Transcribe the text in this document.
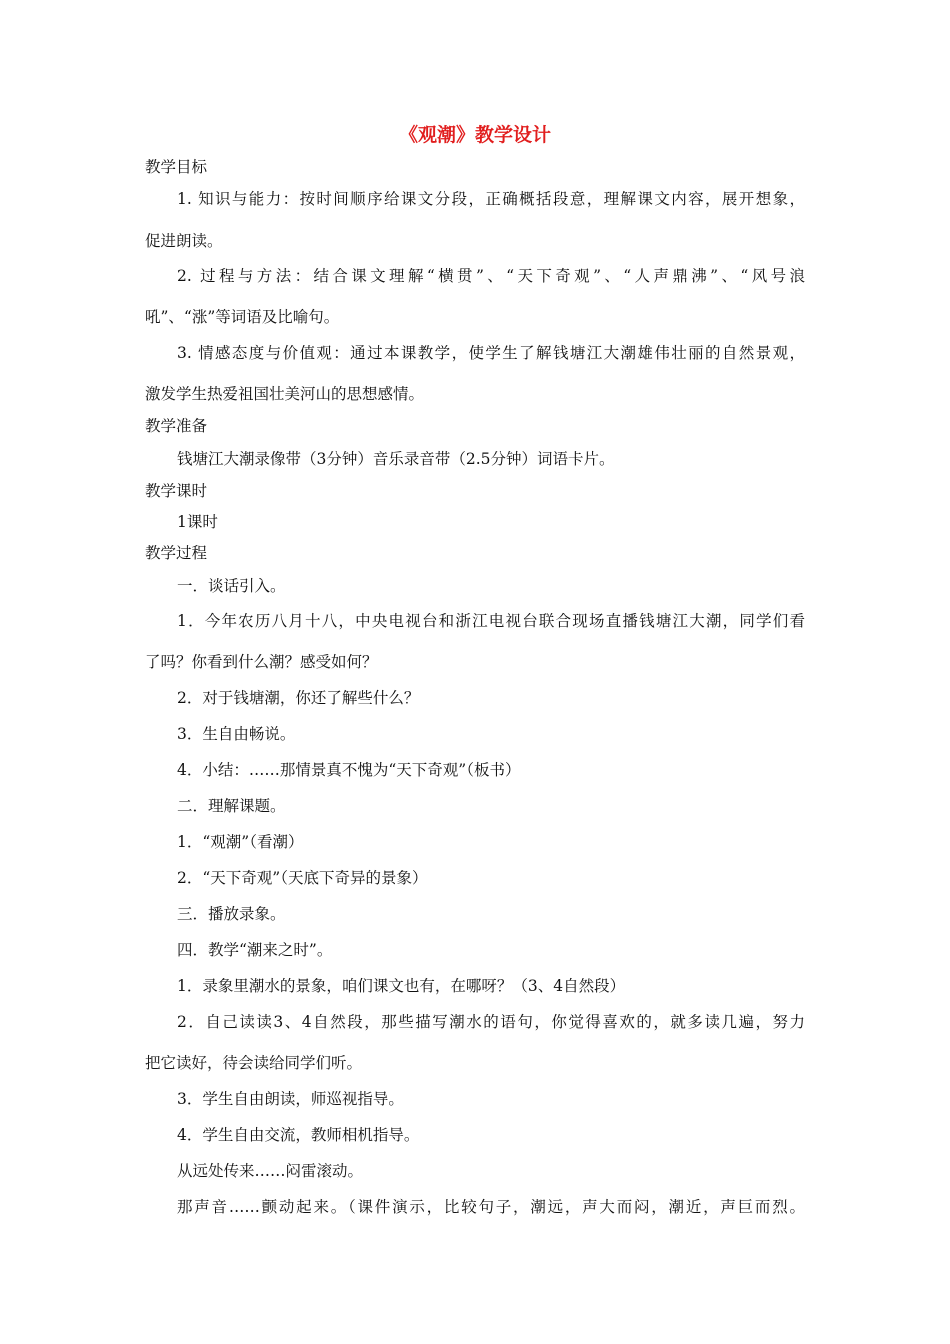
《观潮》教学设计
教学目标
1. 知识与能力：按时间顺序给课文分段，正确概括段意，理解课文内容，展开想象，
促进朗读。
2. 过程与方法：结合课文理解“横贯”、“天下奇观”、“人声鼎沸”、“风号浪
吼”、“涨”等词语及比喻句。
3. 情感态度与价值观：通过本课教学，使学生了解钱塘江大潮雄伟壮丽的自然景观，
激发学生热爱祖国壮美河山的思想感情。
教学准备
钱塘江大潮录像带（3分钟）音乐录音带（2.5分钟）词语卡片。
教学课时
1课时
教学过程
一．谈话引入。
1．今年农历八月十八，中央电视台和浙江电视台联合现场直播钱塘江大潮，同学们看
了吗？你看到什么潮？感受如何？
2．对于钱塘潮，你还了解些什么？
3．生自由畅说。
4．小结：……那情景真不愧为“天下奇观”（板书）
二．理解课题。
1．“观潮”（看潮）
2．“天下奇观”（天底下奇异的景象）
三．播放录象。
四．教学“潮来之时”。
1．录象里潮水的景象，咱们课文也有，在哪呀？（3、4自然段）
2．自己读读3、4自然段，那些描写潮水的语句，你觉得喜欢的，就多读几遍，努力
把它读好，待会读给同学们听。
3．学生自由朗读，师巡视指导。
4．学生自由交流，教师相机指导。
从远处传来……闷雷滚动。
那声音……颤动起来。（课件演示，比较句子，潮远，声大而闷，潮近，声巨而烈。
